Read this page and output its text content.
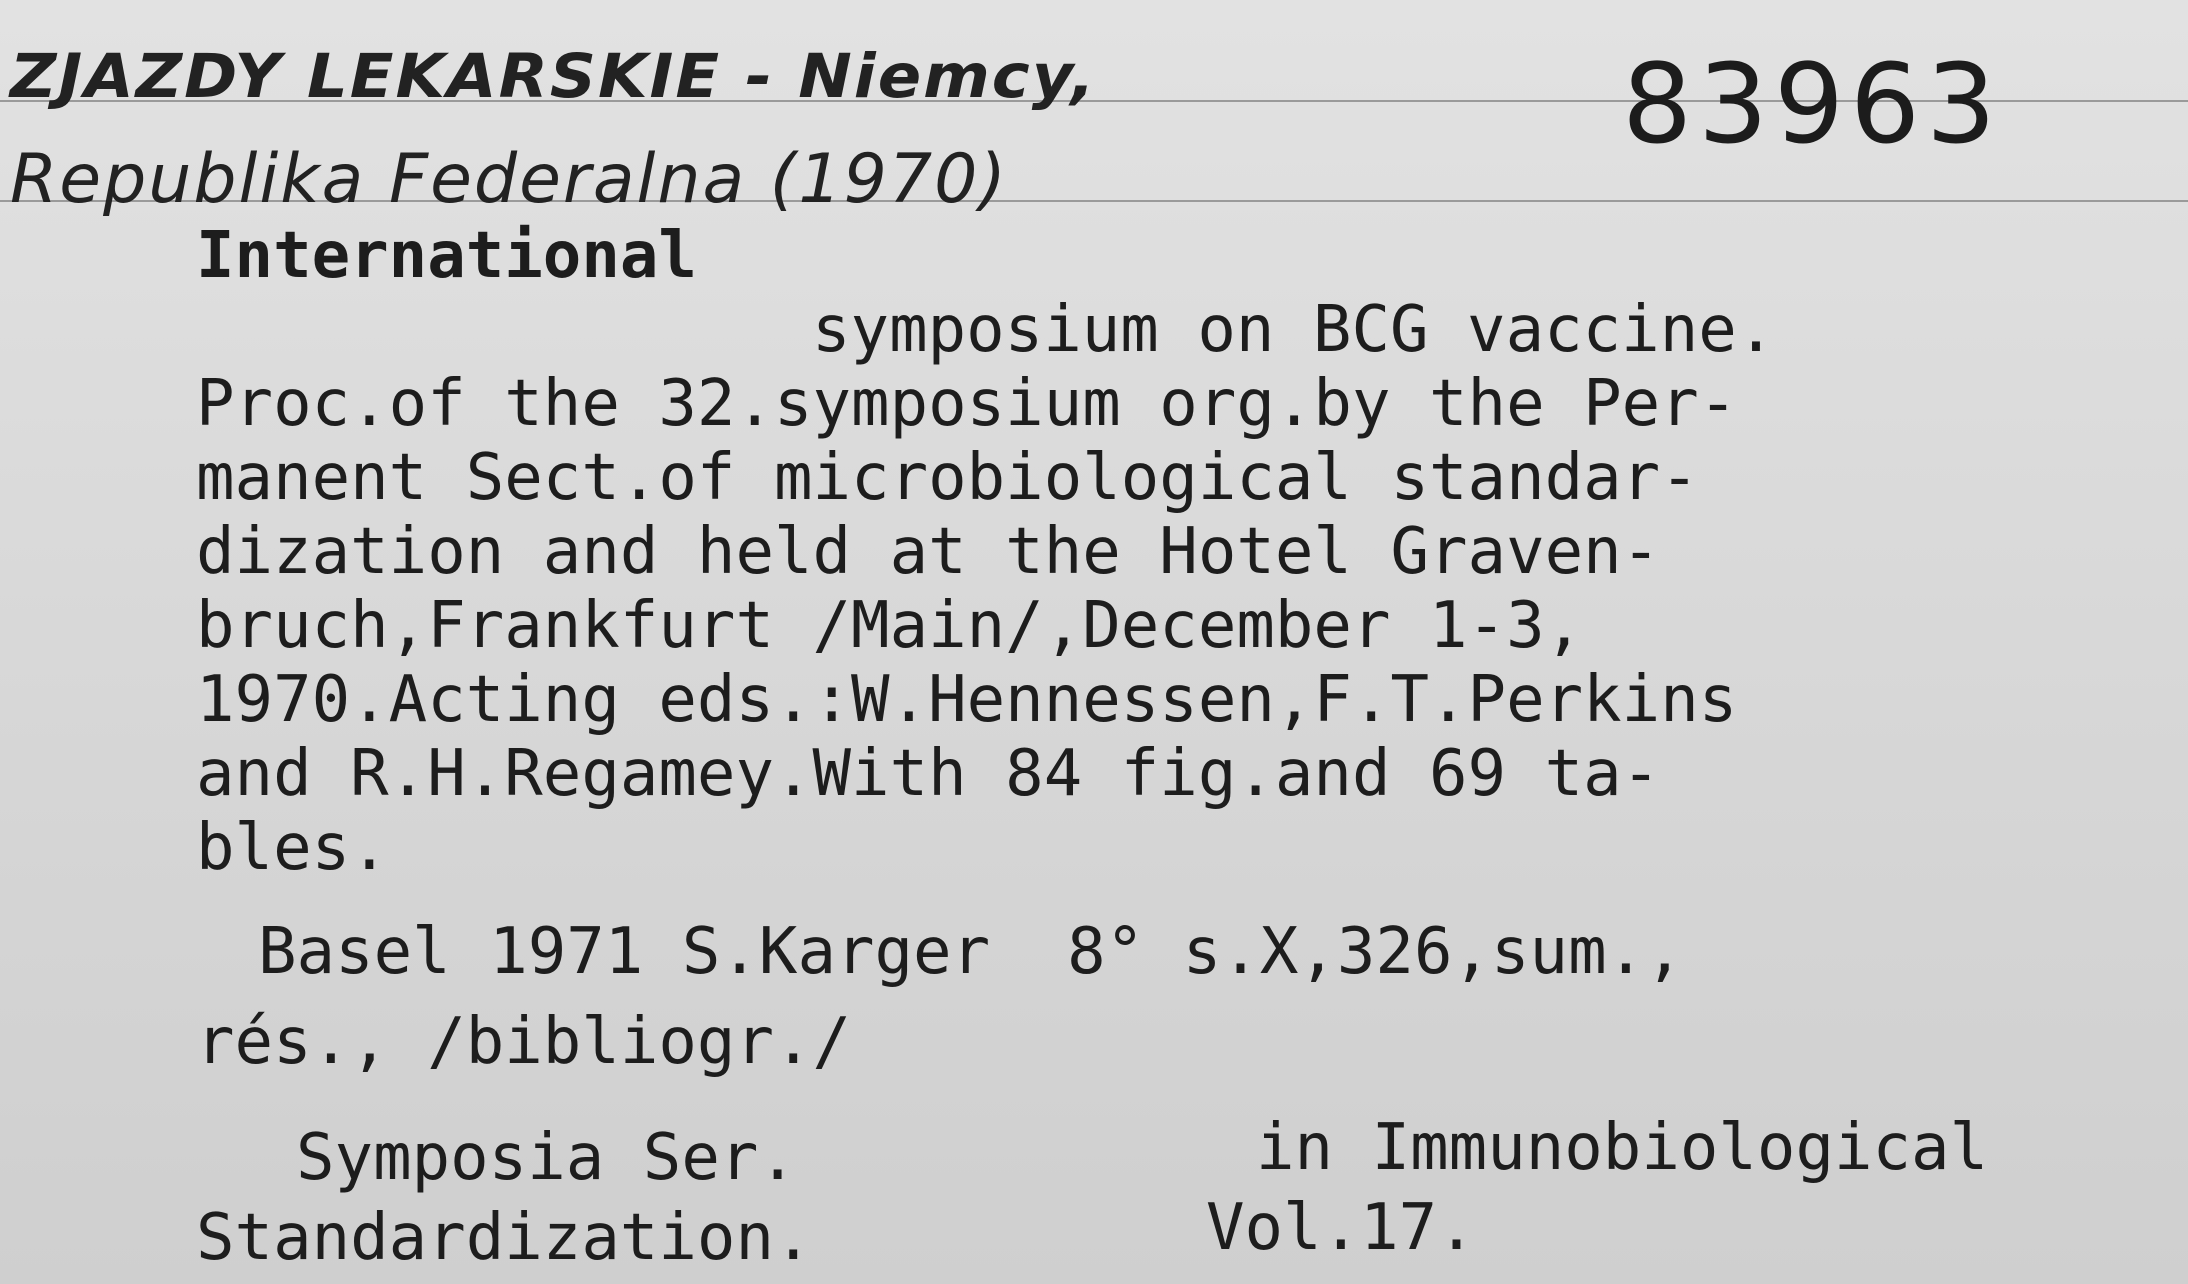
ZJAZDY LEKARSKIE - Niemcy,
Republika Federalna (1970)
83963
International
symposium on BCG vaccine.
Proc.of the 32.symposium org.by the Per-
manent Sect.of microbiological standar-
dization and held at the Hotel Graven-
bruch,Frankfurt /Main/,December 1-3,
1970.Acting eds.:W.Hennessen,F.T.Perkins
and R.H.Regamey.With 84 fig.and 69 ta-
bles.
Basel 1971 S.Karger  8° s.X,326,sum.,
rés., /bibliogr./
Symposia Ser.	in Immunobiological
Standardization.	Vol.17.
